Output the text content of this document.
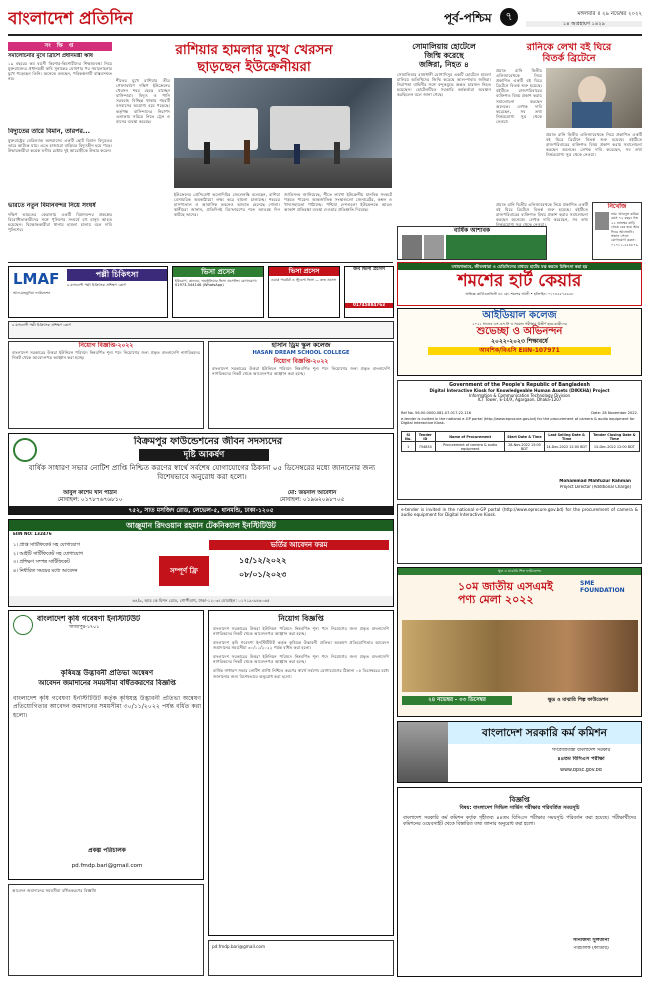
বাংলাদেশ প্রতিদিন	পূর্ব-পশ্চিম	৭	মঙ্গলবার ॥ ২৯ নভেম্বর ২০২২
১৪ অগ্রহায়ণ ১৪২৯
সং ক্ষি প্ত
সমালোচনার মুখে ব্রিটিশ প্রধানমন্ত্রী ঋষি
১৯ বছরের কম বয়সী কিশোর-কিশোরীদের শিক্ষাব্যবস্থা নিয়ে যুক্তরাজ্যের প্রধানমন্ত্রী ঋষি সুনাকের ঘোষণার পর সমালোচনার মুখে পড়েছেন তিনি। অনেকে বলছেন, পরিকল্পনাটি বাস্তবসম্মত নয়।
বিদ্যুতের তারে বিমান, তারপর...
যুক্তরাষ্ট্রের মেরিল্যান্ড অঙ্গরাজ্যে একটি ছোট বিমান বিদ্যুতের তারে আটকে যায়। এতে হাজারো বাড়িঘর বিদ্যুৎহীন হয়ে পড়ে। উদ্ধারকারীরা কয়েক ঘণ্টার চেষ্টায় দুই আরোহীকে উদ্ধার করেন।
ভারতে নতুন বিমানবন্দর নিয়ে সংঘর্ষ
দক্ষিণ ভারতের কেরালায় একটি বিমানবন্দর প্রকল্পের বিরোধিতাকারীদের সঙ্গে পুলিশের সংঘর্ষে বহু মানুষ আহত হয়েছেন। বিক্ষোভকারীরা থানায় হামলা চালায় বলে দাবি পুলিশের।
রাশিয়ার হামলার মুখে খেরসন
ছাড়ছেন ইউক্রেনীয়রা
শীতের মুখে রাশিয়ার তীব্র গোলাবর্ষণে দক্ষিণ ইউক্রেনের খেরসন শহর ছেড়ে যাচ্ছেন বাসিন্দারা। বিদ্যুৎ ও পানি সরবরাহ বিচ্ছিন্ন থাকায় শহরটি বসবাসের অযোগ্য হয়ে পড়েছে। কর্তৃপক্ষ বাসিন্দাদের নিরাপদ এলাকায় সরিয়ে নিতে ট্রেন ও বাসের ব্যবস্থা করেছে।
ইউক্রেনের প্রেসিডেন্ট ভলোদিমির জেলেনস্কি বলেছেন, রাশিয়া বেসামরিক অবকাঠামো লক্ষ্য করে হামলা চালাচ্ছে। শহরের হাসপাতাল ও আবাসিক ভবনেও আঘাত হেনেছে গোলা। স্থানীয়রা জানান, প্রতিদিনই বিস্ফোরণের শব্দে আতঙ্কে দিন কাটছে তাদের।
জাতিসংঘ জানিয়েছে, শীতে লাখো ইউক্রেনীয় মানবিক সংকটে পড়তে পারেন। আন্তর্জাতিক সংস্থাগুলো জেনারেটর, কম্বল ও খাদ্যসহায়তা পাঠাচ্ছে। পশ্চিমা দেশগুলো ইউক্রেনকে আরও আকাশ প্রতিরক্ষা ব্যবস্থা দেওয়ার প্রতিশ্রুতি দিয়েছে।
সোমালিয়ায় হোটেলে
জিম্মি করেছে
জঙ্গিরা, নিহত ৪
সোমালিয়ার রাজধানী মোগাদিসুর একটি হোটেলে হামলা চালিয়ে অতিথিদের জিম্মি করেছে আল-শাবাব জঙ্গিরা। নিরাপত্তা বাহিনীর সঙ্গে বন্দুকযুদ্ধে অন্তত চারজন নিহত হয়েছেন। হোটেলটিতে সরকারি কর্মকর্তারা অবস্থান করছিলেন বলে জানা গেছে।
রানিকে লেখা বই ঘিরে
বিতর্ক ব্রিটেনে
প্রয়াত রানি দ্বিতীয় এলিজাবেথকে নিয়ে প্রকাশিত একটি বই ঘিরে ব্রিটেনে বিতর্ক শুরু হয়েছে। বইটিতে রাজপরিবারের ব্যক্তিগত বিষয় প্রকাশ করায় সমালোচনা করছেন অনেকে। লেখক দাবি করেছেন, সব তথ্য নির্ভরযোগ্য সূত্র থেকে নেওয়া।
প্রয়াত রানি দ্বিতীয় এলিজাবেথকে নিয়ে প্রকাশিত একটি বই ঘিরে ব্রিটেনে বিতর্ক শুরু হয়েছে। বইটিতে রাজপরিবারের ব্যক্তিগত বিষয় প্রকাশ করায় সমালোচনা করছেন অনেকে। লেখক দাবি করেছেন, সব তথ্য নির্ভরযোগ্য সূত্র থেকে নেওয়া।
নিখোঁজ
নাম: আবদুল করিম। বয়স ৭২ বছর। গত ২২ নভেম্বর বাড়ি থেকে বের হয়ে আর ফিরে আসেননি। সন্ধান পেলে যোগাযোগ করুন: ০১৭১১-২৫৪৮৭৯
প্রয়াত রানি দ্বিতীয় এলিজাবেথকে নিয়ে প্রকাশিত একটি বই ঘিরে ব্রিটেনে বিতর্ক শুরু হয়েছে। বইটিতে রাজপরিবারের ব্যক্তিগত বিষয় প্রকাশ করায় সমালোচনা করছেন অনেকে। লেখক দাবি করেছেন, সব তথ্য নির্ভরযোগ্য সূত্র থেকে নেওয়া।
বার্ষিক আশাবক
যথাযথভাবে, জীবনধারা ও মেডিসিনের মাধ্যমে হার্টের যত্ন করতে চিকিৎসা করা হয়
শমশের হার্ট কেয়ার
অভিজ্ঞ কার্ডিওলজিস্ট ডা. মো. শমশের আলী • হটলাইন: ০১৭৪৫৫৭৫৬৫৮
LMAF
আল-মাহমুদিয়া ফাউন্ডেশন
পল্লী চিকিৎসা
৬ মাসব্যাপী পল্লী চিকিৎসক প্রশিক্ষণ কোর্স
ভিসা প্রসেস
ইউরোপ, কানাডা, অস্ট্রেলিয়ার ভিসা প্রসেসিং। যোগাযোগ: 01973-544146 (WhatsApp)
ভিসা প্রসেস
ওয়ার্ক পারমিট ও স্টুডেন্ট ভিসা — দ্রুত প্রসেস
জব ভিসা প্রসেস
01745884763
আইডিয়াল কলেজ
২০২২ সালের এস.এস.সি ও সমমান পরীক্ষায় উত্তীর্ণ ছাত্র-ছাত্রীদের
শুভেচ্ছা ও অভিনন্দন
২০২২-২০২৩ শিক্ষাবর্ষে
আবশিক/বিএসি EIIN-107971
৬ মাসব্যাপী পল্লী চিকিৎসক প্রশিক্ষণ কোর্স
নিয়োগ বিজ্ঞপ্তি-২০২২
বাংলাদেশ সরকারের উত্তরা ইউনিয়ন পরিষদে নিম্নবর্ণিত শূন্য পদে নিয়োগের জন্য প্রকৃত বাংলাদেশি নাগরিকদের নিকট থেকে আবেদনপত্র আহ্বান করা হচ্ছে।
হাসান ড্রিম স্কুল কলেজ
HASAN DREAM SCHOOL COLLEGE
নিয়োগ বিজ্ঞপ্তি-২০২২
বাংলাদেশ সরকারের উত্তরা ইউনিয়ন পরিষদে নিম্নবর্ণিত শূন্য পদে নিয়োগের জন্য প্রকৃত বাংলাদেশি নাগরিকদের নিকট থেকে আবেদনপত্র আহ্বান করা হচ্ছে।
Government of the People's Republic of Bangladesh
Digital Interactive Kiosk for Knowledgeable Human Assets (DIKKHA) Project
Information & Communication Technology Division
ICT Tower, E-14/X, Agargaon, Dhaka-1207
Ref No. 56.00.0000.081.07.017.22.116	Date: 28 November 2022.
e-tender is invited in the national e-GP portal (http://www.eprocure.gov.bd) for the procurement of camera & audio equipment for Digital Interactive Kiosk.
Sl No.	Tender ID	Name of Procurement	Start Date & Time	Last Selling Date & Time	Tender Closing Date & Time
1	754834	Procurement of camera & audio equipment	28-Nov-2022 15:00 BDT	14-Dec-2022 12:00 BDT	15-Dec-2022 12:00 BDT
Mohammad Mahfuzur Rahman
Project Director (Additional Charge)
বিক্রমপুর ফাউন্ডেশনের জীবন সদস্যদের
দৃষ্টি আকর্ষণ
বার্ষিক সাধারণ সভার নোটিশ প্রাপ্তি নিশ্চিত করণের স্বার্থে সর্বশেষ যোগাযোগের ঠিকানা ০৫ ডিসেম্বরের মধ্যে জানানোর জন্য বিশেষভাবে অনুরোধ করা হলো।
আবুল কাশেম খান পাঠান	মো: জয়নাল আবেদীন
মোবাইল: ০১৭৮৭৬৭৬৮১০	মোবাইল: ০১৯৬২০৯৮৭০৫
৭৫২, সাত মসজিদ রোড, লেভেল-৫, ধানমন্ডি, ঢাকা-১২০৫	e-tender is invited in the national e-GP portal (http://www.eprocure.gov.bd) for the procurement of camera & audio equipment for Digital Interactive Kiosk.
আঞ্জুমান রিদওয়ান রহমান টেকনিক্যাল ইনস্টিটিউট
EIIN NO: 132476
ভর্তির আবেদন ফরম
১। প্রাপ্ত সার্টিফিকেট সহ যোগাযোগ
২। আইটি সার্টিফিকেট সহ যোগাযোগ
৩। প্রশিক্ষণ সম্পন্ন সার্টিফিকেট
৪। নির্ধারিত সময়ের মধ্যে আবেদন	সম্পূর্ণ ফ্রি
১৫/১২/২০২২
০৮/০১/২০২৩
৬৪/৯, আর কে মিশন রোড, গোপীবাগ, ঢাকা-১২০৩। মোবাইল: ০১৭১৯-৯৪৬০৬৫
ক্ষুদ্র ও মাঝারি শিল্প ফাউন্ডেশন
১০ম জাতীয় এসএমই পণ্য মেলা ২০২২
SME FOUNDATION
২৪ নভেম্বর - ০৩ ডিসেম্বর	ক্ষুদ্র ও মাঝারি শিল্প ফাউন্ডেশন
বাংলাদেশ কৃষি গবেষণা ইনস্টিটিউট
গাজীপুর-১৭০১
কৃষিযন্ত্র উদ্ভাবনী প্রতিভা অন্বেষণ
আবেদন জমাদানের সময়সীমা বর্ধিতকরণের বিজ্ঞপ্তি
বাংলাদেশ কৃষি গবেষণা ইনস্টিটিউট কর্তৃক কৃষিযন্ত্র উদ্ভাবনী প্রতিভা অন্বেষণ প্রতিযোগিতার আবেদন জমাদানের সময়সীমা ৩০/১১/২০২২ পর্যন্ত বর্ধিত করা হলো।
প্রকল্প পরিচালক
pd.fmdp.bari@gmail.com
নিয়োগ বিজ্ঞপ্তি
বাংলাদেশ সরকারের উত্তরা ইউনিয়ন পরিষদে নিম্নবর্ণিত শূন্য পদে নিয়োগের জন্য প্রকৃত বাংলাদেশি নাগরিকদের নিকট থেকে আবেদনপত্র আহ্বান করা হচ্ছে।
বাংলাদেশ কৃষি গবেষণা ইনস্টিটিউট কর্তৃক কৃষিযন্ত্র উদ্ভাবনী প্রতিভা অন্বেষণ প্রতিযোগিতার আবেদন জমাদানের সময়সীমা ৩০/১১/২০২২ পর্যন্ত বর্ধিত করা হলো।
বাংলাদেশ সরকারের উত্তরা ইউনিয়ন পরিষদে নিম্নবর্ণিত শূন্য পদে নিয়োগের জন্য প্রকৃত বাংলাদেশি নাগরিকদের নিকট থেকে আবেদনপত্র আহ্বান করা হচ্ছে।
বার্ষিক সাধারণ সভার নোটিশ প্রাপ্তি নিশ্চিত করণের স্বার্থে সর্বশেষ যোগাযোগের ঠিকানা ০৫ ডিসেম্বরের মধ্যে জানানোর জন্য বিশেষভাবে অনুরোধ করা হলো।
বাংলাদেশ সরকারি কর্ম কমিশন
গণপ্রজাতন্ত্রী বাংলাদেশ সরকার
৪৪তম বিসিএস পরীক্ষা
www.bpsc.gov.bd
বিজ্ঞপ্তি
বিষয়: বাংলাদেশ সিভিল সার্ভিস পরীক্ষার পরিবর্তিত সময়সূচি
বাংলাদেশ সরকারি কর্ম কমিশন কর্তৃক গৃহীতব্য ৪৪তম বিসিএস পরীক্ষার সময়সূচি পরিবর্তন করা হয়েছে। পরীক্ষার্থীদের কমিশনের ওয়েবসাইট থেকে বিস্তারিত তথ্য জানার অনুরোধ করা হলো।
সানজিদা সুলতানা
পরিচালক (ক্যাডার)
আবেদন জমাদানের সময়সীমা বর্ধিতকরণের বিজ্ঞপ্তি
pd.fmdp.bari@gmail.com
